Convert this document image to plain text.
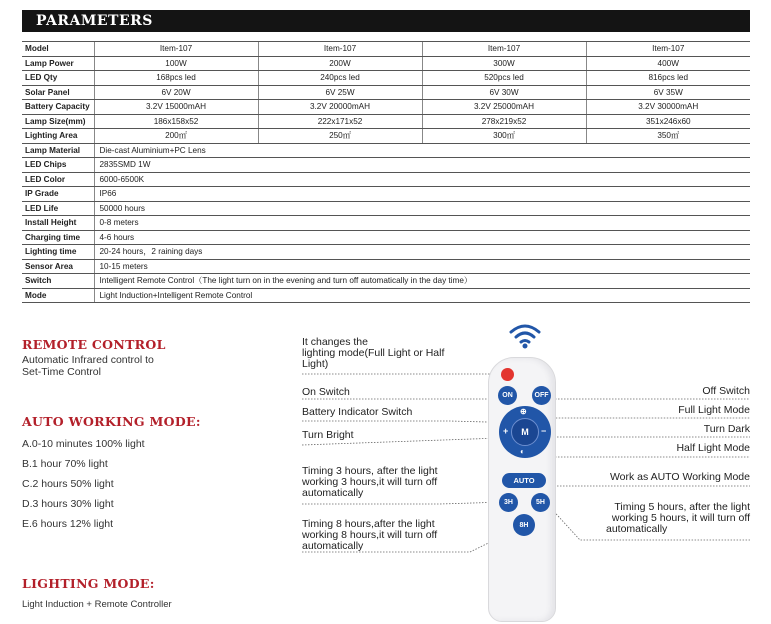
PARAMETERS
Model	Item-107	Item-107	Item-107	Item-107
Lamp Power	100W	200W	300W	400W
LED Qty	168pcs led	240pcs led	520pcs led	816pcs led
Solar Panel	6V 20W	6V 25W	6V 30W	6V 35W
Battery Capacity	3.2V 15000mAH	3.2V 20000mAH	3.2V 25000mAH	3.2V 30000mAH
Lamp Size(mm)	186x158x52	222x171x52	278x219x52	351x246x60
Lighting Area	200㎡	250㎡	300㎡	350㎡
Lamp Material	Die-cast Aluminium+PC Lens			
LED Chips	2835SMD 1W			
LED Color	6000-6500K			
IP Grade	IP66			
LED Life	50000 hours			
Install Height	0-8 meters			
Charging time	4-6 hours			
Lighting time	20-24 hours，2 raining days			
Sensor Area	10-15 meters			
Switch	Intelligent Remote Control（The light turn on in the evening and turn off automatically in the day time）			
Mode	Light Induction+Intelligent Remote Control			
REMOTE CONTROL
Automatic Infrared control to
Set-Time Control
AUTO WORKING MODE:
A.0-10 minutes 100% light
B.1 hour 70% light
C.2 hours 50% light
D.3 hours 30% light
E.6 hours 12% light
LIGHTING MODE:
Light Induction + Remote Controller
It changes the
lighting mode(Full Light or Half
Light)
On Switch
Battery Indicator Switch
Turn Bright
Timing 3 hours, after the light
working 3 hours,it will turn off
automatically
Timing 8 hours,after the light
working 8 hours,it will turn off
automatically
Off Switch
Full Light Mode
Turn Dark
Half Light Mode
Work as AUTO Working Mode
Timing 5 hours, after the light
working 5 hours, it will turn off
automatically
ON	OFF
M
+	−
⊕
◐
AUTO
3H	5H
8H
